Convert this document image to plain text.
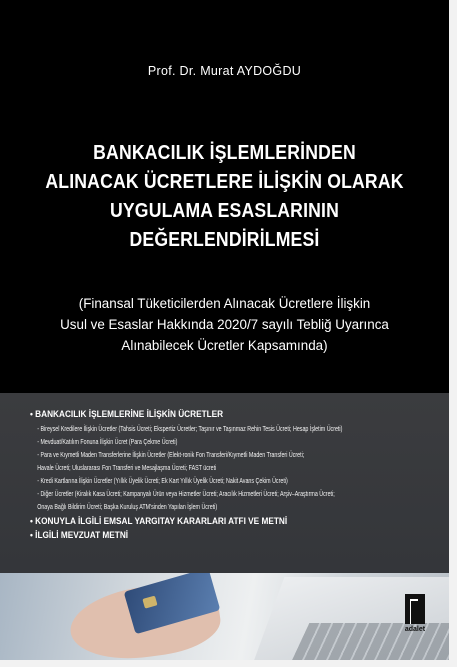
Prof. Dr. Murat AYDOĞDU
BANKACILIK İŞLEMLERİNDEN
ALINACAK ÜCRETLERE İLİŞKİN OLARAK
UYGULAMA ESASLARININ
DEĞERLENDİRİLMESİ
(Finansal Tüketicilerden Alınacak Ücretlere İlişkin
Usul ve Esaslar Hakkında 2020/7 sayılı Tebliğ Uyarınca
Alınabilecek Ücretler Kapsamında)
• BANKACILIK İŞLEMLERİNE İLİŞKİN ÜCRETLER
- Bireysel Kredilere İlişkin Ücretler (Tahsis Ücreti; Ekspertiz Ücretler; Taşınır ve Taşınmaz Rehin Tesis Ücreti; Hesap İşletim Ücreti)
- Mevduat/Katılım Fonuna İlişkin Ücret (Para Çekme Ücreti)
- Para ve Kıymetli Maden Transferlerine İlişkin Ücretler (Elekt-ronik Fon Transferi/Kıymetli Maden Transferi Ücreti;
Havale Ücreti; Uluslararası Fon Transferi ve Mesajlaşma Ücreti; FAST ücreti
- Kredi Kartlarına İlişkin Ücretler (Yıllık Üyelik Ücreti; Ek Kart Yıllık Üyelik Ücreti; Nakit Avans Çekim Ücreti)
- Diğer Ücretler (Kiralık Kasa Ücreti; Kampanyalı Ürün veya Hizmetler Ücreti; Aracılık Hizmetleri Ücreti; Arşiv–Araştırma Ücreti;
Onaya Bağlı Bildirim Ücreti; Başka Kuruluş ATM'sinden Yapılan İşlem Ücreti)
• KONUYLA İLGİLİ EMSAL YARGITAY KARARLARI ATFI VE METNİ
• İLGİLİ MEVZUAT METNİ
adalet
